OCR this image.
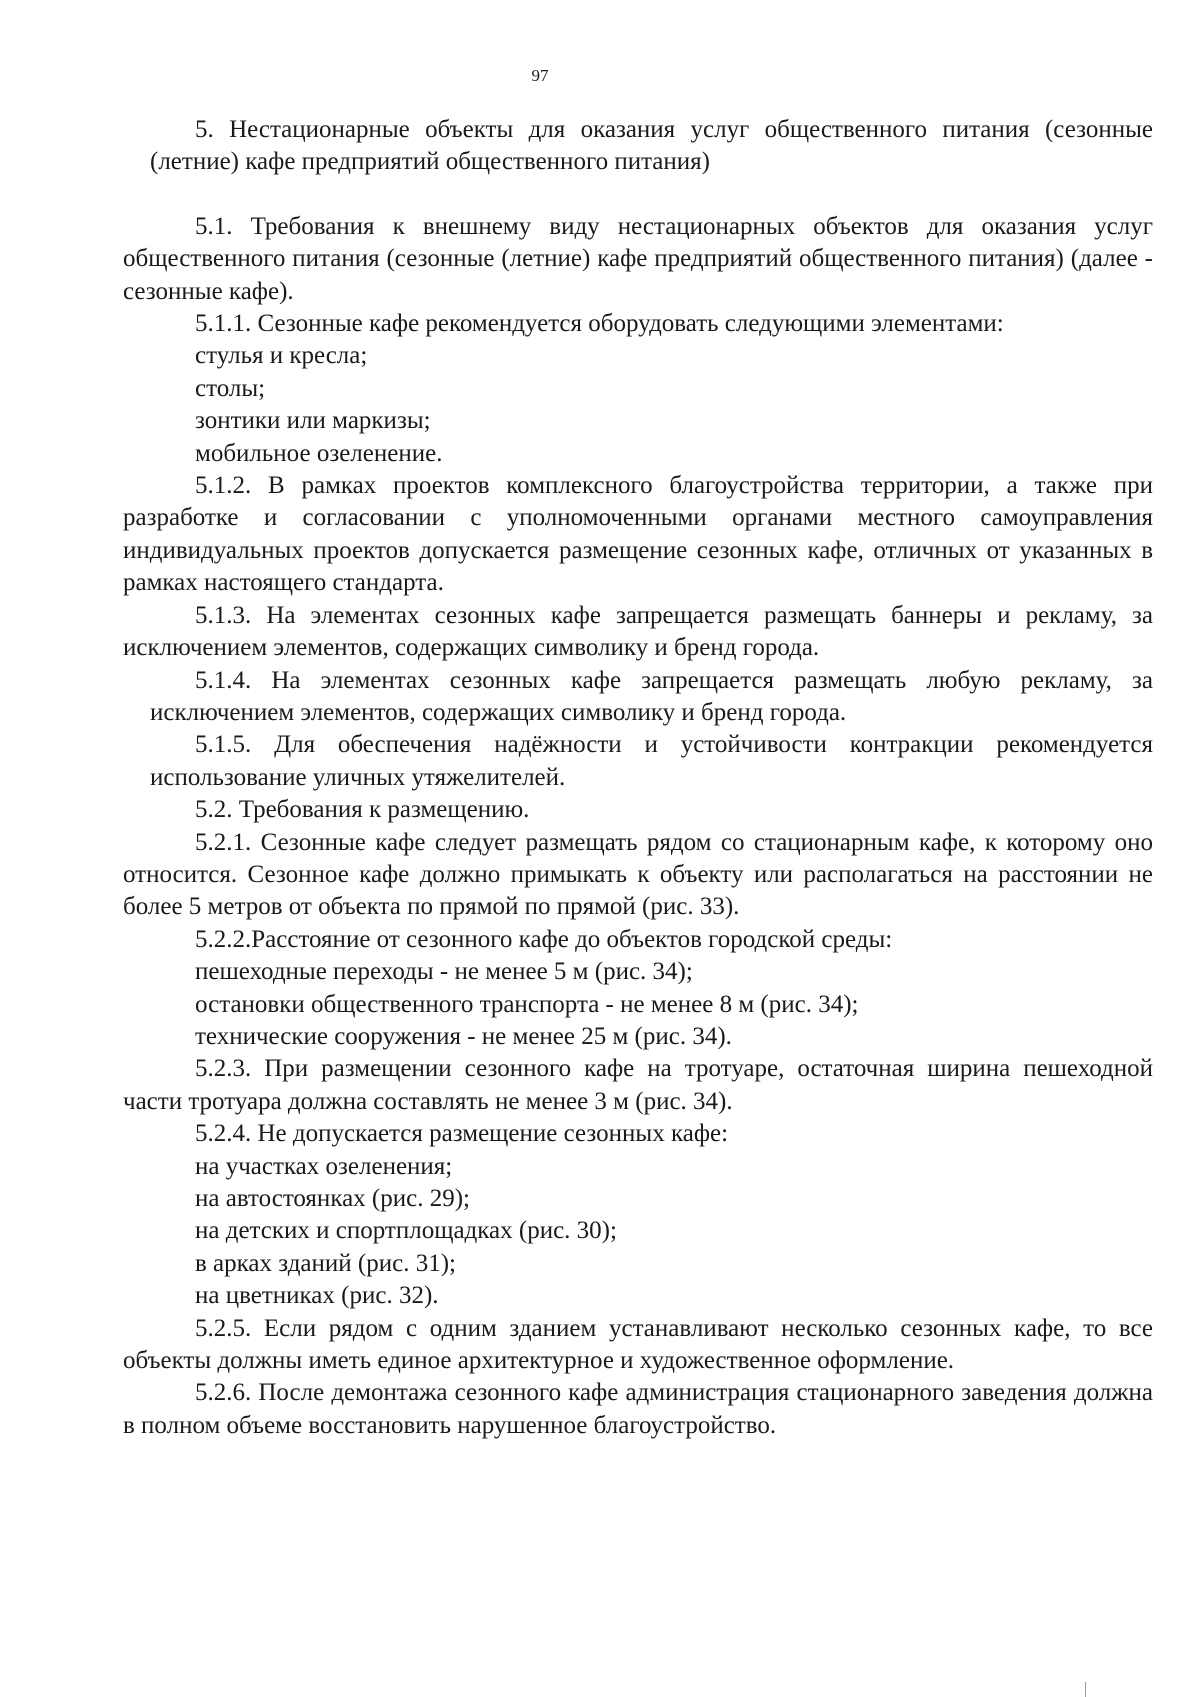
97

5. Нестационарные объекты для оказания услуг общественного питания (сезонные (летние) кафе предприятий общественного питания)

5.1. Требования к внешнему виду нестационарных объектов для оказания услуг общественного питания (сезонные (летние) кафе предприятий общественного питания) (далее - сезонные кафе).

5.1.1. Сезонные кафе рекомендуется оборудовать следующими элементами:

стулья и кресла;

столы;

зонтики или маркизы;

мобильное озеленение.

5.1.2. В рамках проектов комплексного благоустройства территории, а также при разработке и согласовании с уполномоченными органами местного самоуправления индивидуальных проектов допускается размещение сезонных кафе, отличных от указанных в рамках настоящего стандарта.

5.1.3. На элементах сезонных кафе запрещается размещать баннеры и рекламу, за исключением элементов, содержащих символику и бренд города.

5.1.4. На элементах сезонных кафе запрещается размещать любую рекламу, за исключением элементов, содержащих символику и бренд города.

5.1.5. Для обеспечения надёжности и устойчивости контракции рекомендуется использование уличных утяжелителей.

5.2. Требования к размещению.

5.2.1. Сезонные кафе следует размещать рядом со стационарным кафе, к которому оно относится. Сезонное кафе должно примыкать к объекту или располагаться на расстоянии не более 5 метров от объекта по прямой по прямой (рис. 33).

5.2.2.Расстояние от сезонного кафе до объектов городской среды:

пешеходные переходы - не менее 5 м (рис. 34);

остановки общественного транспорта - не менее 8 м (рис. 34);

технические сооружения - не менее 25 м (рис. 34).

5.2.3. При размещении сезонного кафе на тротуаре, остаточная ширина пешеходной части тротуара должна составлять не менее 3 м (рис. 34).

5.2.4. Не допускается размещение сезонных кафе:

на участках озеленения;

на автостоянках (рис. 29);

на детских и спортплощадках (рис. 30);

в арках зданий (рис. 31);

на цветниках (рис. 32).

5.2.5. Если рядом с одним зданием устанавливают несколько сезонных кафе, то все объекты должны иметь единое архитектурное и художественное оформление.

5.2.6. После демонтажа сезонного кафе администрация стационарного заведения должна в полном объеме восстановить нарушенное благоустройство.
